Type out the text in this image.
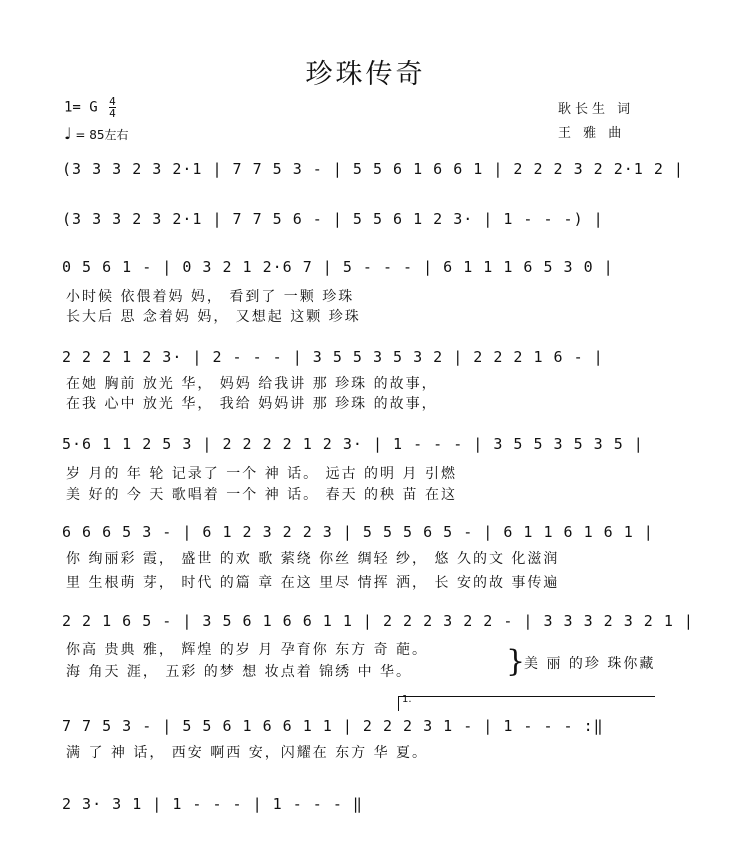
珍珠传奇
1= G $\frac{4}{4}$
♩ = 85左右
耿长生 词
王 雅 曲
(3 3 3 2 3 2·1 | 7 7 5 3 - | 5 5 6 1 6 6 1 | 2 2 2 3 2 2·1 2 |
(3 3 3 2 3 2·1 | 7 7 5 6 - | 5 5 6 1 2 3· | 1 - - -) |
0 5 6 1 - | 0 3 2 1 2·6 7 | 5 - - - | 6 1 1 1 6 5 3 0 |
小时候 依偎着妈 妈， 看到了 一颗 珍珠
长大后 思 念着妈 妈， 又想起 这颗 珍珠
2 2 2 1 2 3· | 2 - - - | 3 5 5 3 5 3 2 | 2 2 2 1 6 - |
在她 胸前 放光 华， 妈妈 给我讲 那 珍珠 的故事，
在我 心中 放光 华， 我给 妈妈讲 那 珍珠 的故事，
5·6 1 1 2 5 3 | 2 2 2 2 1 2 3· | 1 - - - | 3 5 5 3 5 3 5 |
岁 月的 年 轮 记录了 一个 神 话。 远古 的明 月 引燃
美 好的 今 天 歌唱着 一个 神 话。 春天 的秧 苗 在这
6 6 6 5 3 - | 6 1 2 3 2 2 3 | 5 5 5 6 5 - | 6 1 1 6 1 6 1 |
你 绚丽彩 霞， 盛世 的欢 歌 萦绕 你丝 绸轻 纱， 悠 久的文 化滋润
里 生根萌 芽， 时代 的篇 章 在这 里尽 情挥 洒， 长 安的故 事传遍
2 2 1 6 5 - | 3 5 6 1 6 6 1 1 | 2 2 2 3 2 2 - | 3 3 3 2 3 2 1 |
你高 贵典 雅， 辉煌 的岁 月 孕育你 东方 奇 葩。
海 角天 涯， 五彩 的梦 想 妆点着 锦绣 中 华。	}
美 丽 的珍 珠你藏
1.
7 7 5 3 - | 5 5 6 1 6 6 1 1 | 2 2 2 3 1 - | 1 - - - :‖
满 了 神 话， 西安 啊西 安，闪耀在 东方 华 夏。
2 3· 3 1 | 1 - - - | 1 - - - ‖
